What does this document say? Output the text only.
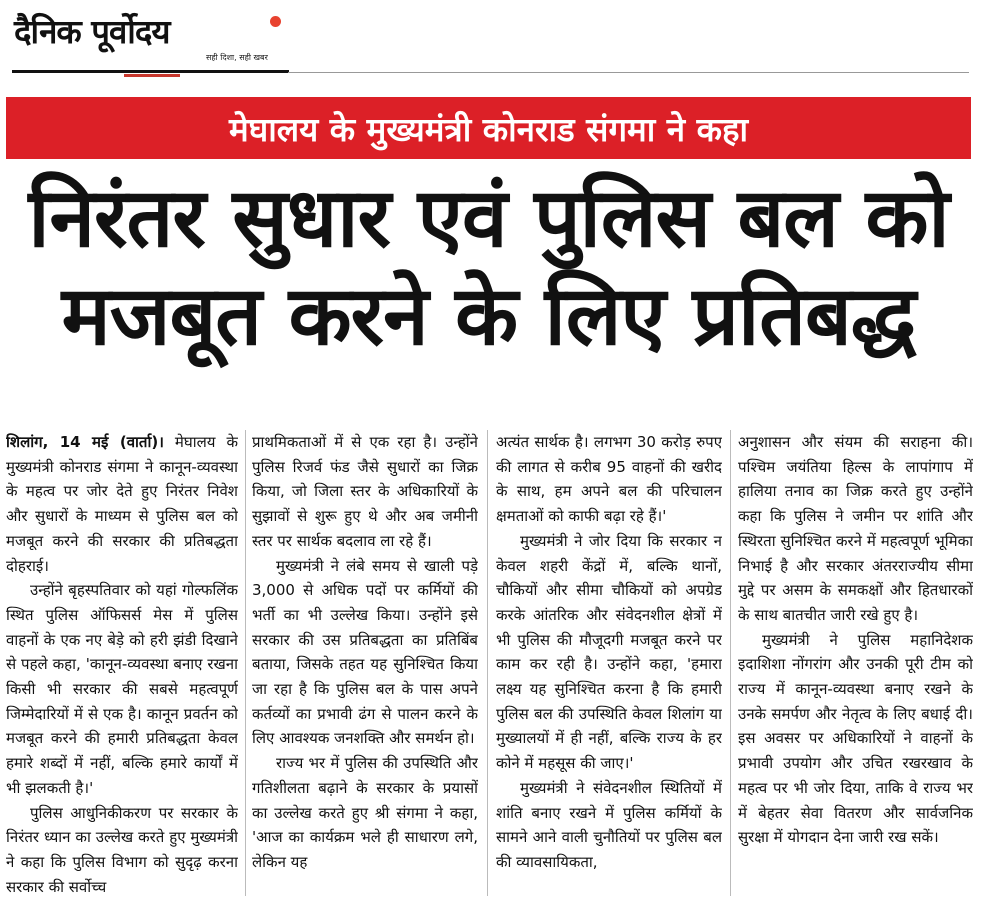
दैनिक पूर्वोदय
सही दिशा, सही खबर
मेघालय के मुख्यमंत्री कोनराड संगमा ने कहा
निरंतर सुधार एवं पुलिस बल को
मजबूत करने के लिए प्रतिबद्ध

शिलांग, 14 मई (वार्ता)। मेघालय के मुख्यमंत्री कोनराड संगमा ने कानून-व्यवस्था के महत्व पर जोर देते हुए निरंतर निवेश और सुधारों के माध्यम से पुलिस बल को मजबूत करने की सरकार की प्रतिबद्धता दोहराई।

उन्होंने बृहस्पतिवार को यहां गोल्फलिंक स्थित पुलिस ऑफिसर्स मेस में पुलिस वाहनों के एक नए बेड़े को हरी झंडी दिखाने से पहले कहा, 'कानून-व्यवस्था बनाए रखना किसी भी सरकार की सबसे महत्वपूर्ण जिम्मेदारियों में से एक है। कानून प्रवर्तन को मजबूत करने की हमारी प्रतिबद्धता केवल हमारे शब्दों में नहीं, बल्कि हमारे कार्यों में भी झलकती है।'

पुलिस आधुनिकीकरण पर सरकार के निरंतर ध्यान का उल्लेख करते हुए मुख्यमंत्री ने कहा कि पुलिस विभाग को सुदृढ़ करना सरकार की सर्वोच्च

प्राथमिकताओं में से एक रहा है। उन्होंने पुलिस रिजर्व फंड जैसे सुधारों का जिक्र किया, जो जिला स्तर के अधिकारियों के सुझावों से शुरू हुए थे और अब जमीनी स्तर पर सार्थक बदलाव ला रहे हैं।

मुख्यमंत्री ने लंबे समय से खाली पड़े 3,000 से अधिक पदों पर कर्मियों की भर्ती का भी उल्लेख किया। उन्होंने इसे सरकार की उस प्रतिबद्धता का प्रतिबिंब बताया, जिसके तहत यह सुनिश्चित किया जा रहा है कि पुलिस बल के पास अपने कर्तव्यों का प्रभावी ढंग से पालन करने के लिए आवश्यक जनशक्ति और समर्थन हो।

राज्य भर में पुलिस की उपस्थिति और गतिशीलता बढ़ाने के सरकार के प्रयासों का उल्लेख करते हुए श्री संगमा ने कहा, 'आज का कार्यक्रम भले ही साधारण लगे, लेकिन यह

अत्यंत सार्थक है। लगभग 30 करोड़ रुपए की लागत से करीब 95 वाहनों की खरीद के साथ, हम अपने बल की परिचालन क्षमताओं को काफी बढ़ा रहे हैं।'

मुख्यमंत्री ने जोर दिया कि सरकार न केवल शहरी केंद्रों में, बल्कि थानों, चौकियों और सीमा चौकियों को अपग्रेड करके आंतरिक और संवेदनशील क्षेत्रों में भी पुलिस की मौजूदगी मजबूत करने पर काम कर रही है। उन्होंने कहा, 'हमारा लक्ष्य यह सुनिश्चित करना है कि हमारी पुलिस बल की उपस्थिति केवल शिलांग या मुख्यालयों में ही नहीं, बल्कि राज्य के हर कोने में महसूस की जाए।'

मुख्यमंत्री ने संवेदनशील स्थितियों में शांति बनाए रखने में पुलिस कर्मियों के सामने आने वाली चुनौतियों पर पुलिस बल की व्यावसायिकता,

अनुशासन और संयम की सराहना की। पश्चिम जयंतिया हिल्स के लापांगाप में हालिया तनाव का जिक्र करते हुए उन्होंने कहा कि पुलिस ने जमीन पर शांति और स्थिरता सुनिश्चित करने में महत्वपूर्ण भूमिका निभाई है और सरकार अंतरराज्यीय सीमा मुद्दे पर असम के समकक्षों और हितधारकों के साथ बातचीत जारी रखे हुए है।

मुख्यमंत्री ने पुलिस महानिदेशक इदाशिशा नोंगरांग और उनकी पूरी टीम को राज्य में कानून-व्यवस्था बनाए रखने के उनके समर्पण और नेतृत्व के लिए बधाई दी। इस अवसर पर अधिकारियों ने वाहनों के प्रभावी उपयोग और उचित रखरखाव के महत्व पर भी जोर दिया, ताकि वे राज्य भर में बेहतर सेवा वितरण और सार्वजनिक सुरक्षा में योगदान देना जारी रख सकें।
